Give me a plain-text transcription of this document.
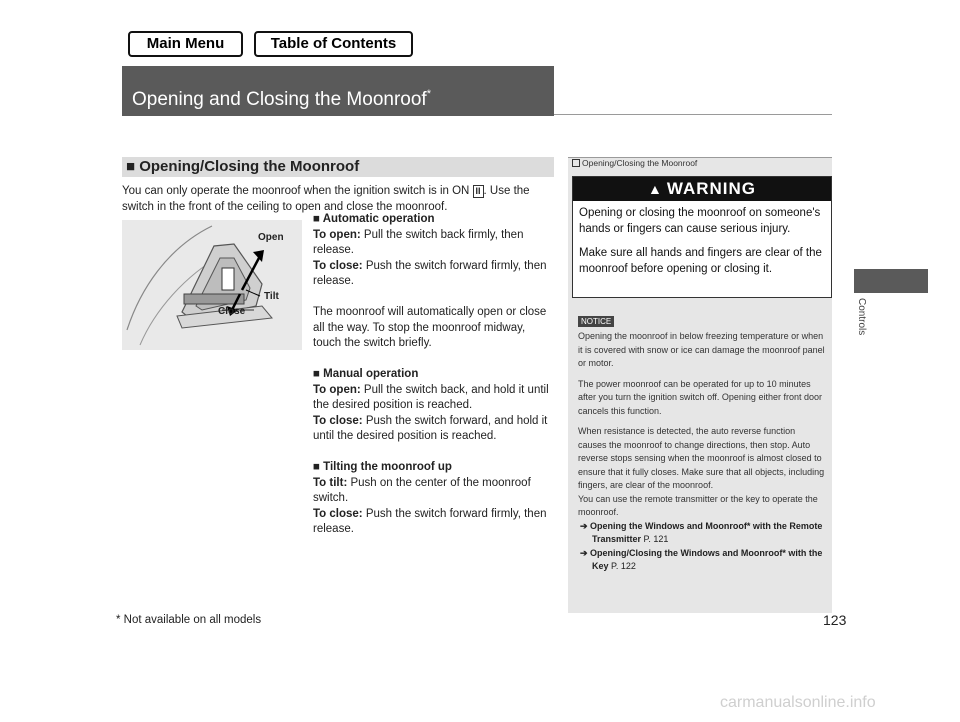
Main Menu	Table of Contents
Opening and Closing the Moonroof*
Controls
■ Opening/Closing the Moonroof

You can only operate the moonroof when the ignition switch is in ON II . Use the switch in the front of the ceiling to open and close the moonroof.

Open
Tilt
Close

■ Automatic operation

To open: Pull the switch back firmly, then release.

To close: Push the switch forward firmly, then release.

The moonroof will automatically open or close all the way. To stop the moonroof midway, touch the switch briefly.

■ Manual operation

To open: Pull the switch back, and hold it until the desired position is reached.

To close: Push the switch forward, and hold it until the desired position is reached.

■ Tilting the moonroof up

To tilt: Push on the center of the moonroof switch.

To close: Push the switch forward firmly, then release.

Opening/Closing the Moonroof
▲ WARNING

Opening or closing the moonroof on someone's hands or fingers can cause serious injury.

Make sure all hands and fingers are clear of the moonroof before opening or closing it.

NOTICE

Opening the moonroof in below freezing temperature or when it is covered with snow or ice can damage the moonroof panel or motor.

The power moonroof can be operated for up to 10 minutes after you turn the ignition switch off. Opening either front door cancels this function.

When resistance is detected, the auto reverse function causes the moonroof to change directions, then stop. Auto reverse stops sensing when the moonroof is almost closed to ensure that it fully closes. Make sure that all objects, including fingers, are clear of the moonroof.

You can use the remote transmitter or the key to operate the moonroof.

➔ Opening the Windows and Moonroof* with the Remote Transmitter P. 121
➔ Opening/Closing the Windows and Moonroof* with the Key P. 122
* Not available on all models	123
carmanualsonline.info
